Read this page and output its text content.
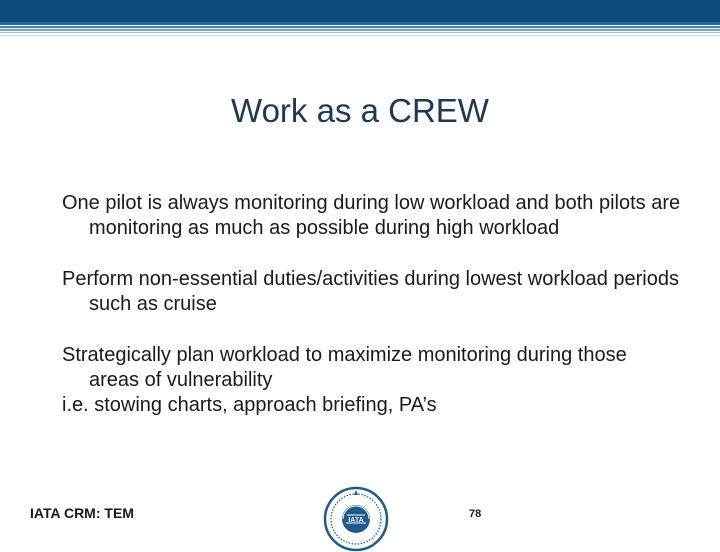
Work as a CREW

One pilot is always monitoring during low workload and both pilots are monitoring as much as possible during high workload

Perform non-essential duties/activities during lowest workload periods such as cruise

Strategically plan workload to maximize monitoring during those areas of vulnerability

i.e. stowing charts, approach briefing, PA’s

IATA CRM: TEM	IATA
78
